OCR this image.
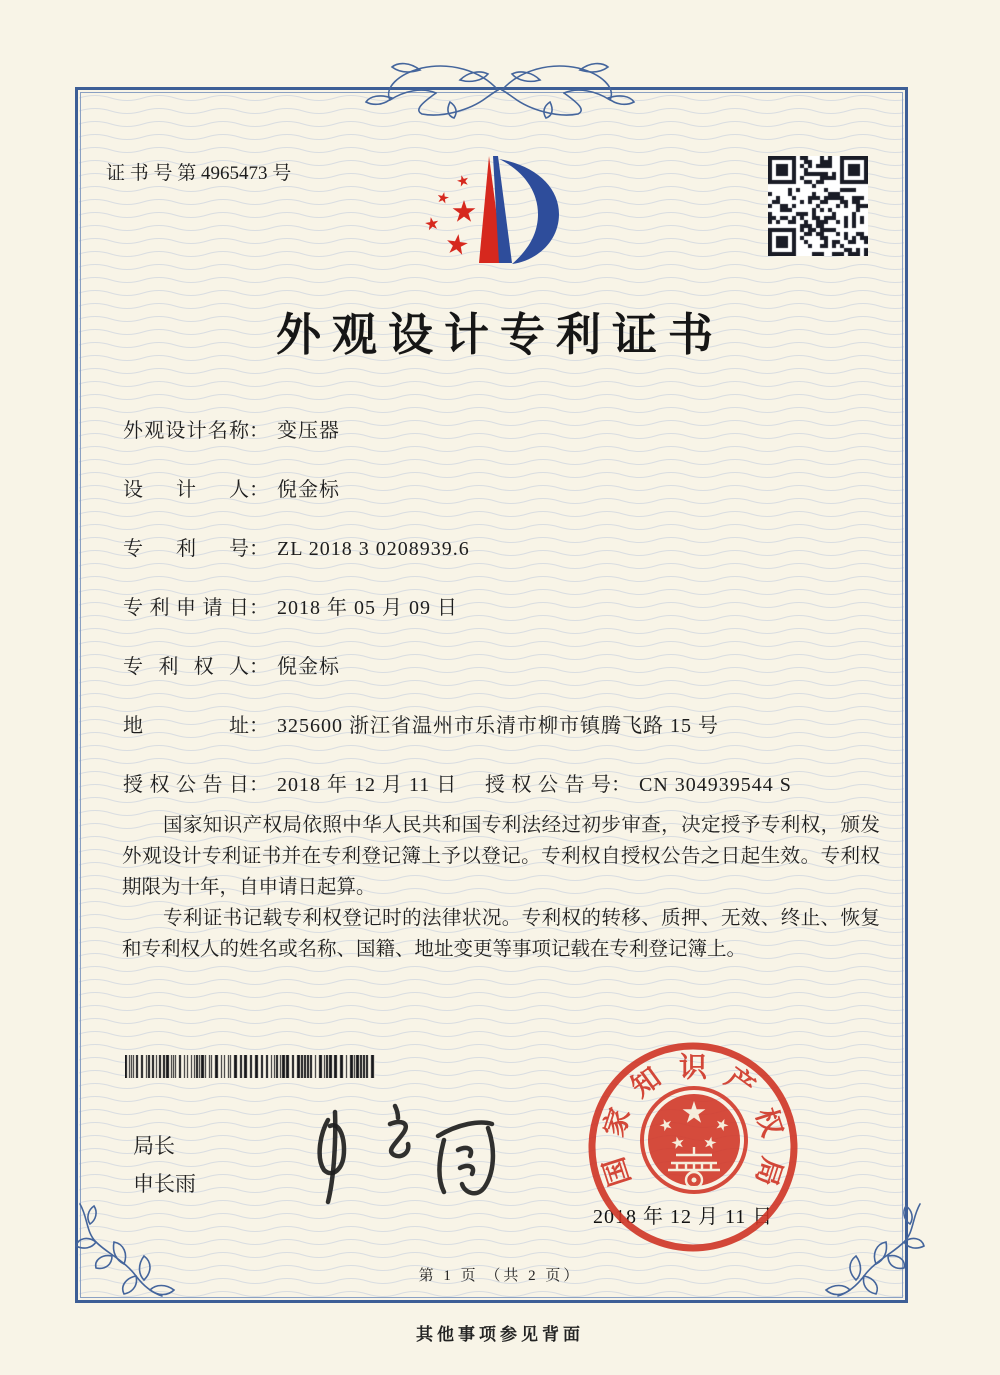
证 书 号 第 4965473 号
外观设计专利证书
外观设计名称 ： 变压器
设计人 ： 倪金标
专利号 ： ZL 2018 3 0208939.6
专利申请日 ： 2018 年 05 月 09 日
专利权人 ： 倪金标
地址 ： 325600 浙江省温州市乐清市柳市镇腾飞路 15 号
授权公告日 ： 2018 年 12 月 11 日 授权公告号 ： CN 304939544 S

国家知识产权局依照中华人民共和国专利法经过初步审查，决定授予专利权，颁发外观设计专利证书并在专利登记簿上予以登记。专利权自授权公告之日起生效。专利权期限为十年，自申请日起算。

专利证书记载专利权登记时的法律状况。专利权的转移、质押、无效、终止、恢复和专利权人的姓名或名称、国籍、地址变更等事项记载在专利登记簿上。

局长
申长雨	国
家
知 识 产
权
局
2018 年 12 月 11 日
第 1 页 （共 2 页）
其他事项参见背面
